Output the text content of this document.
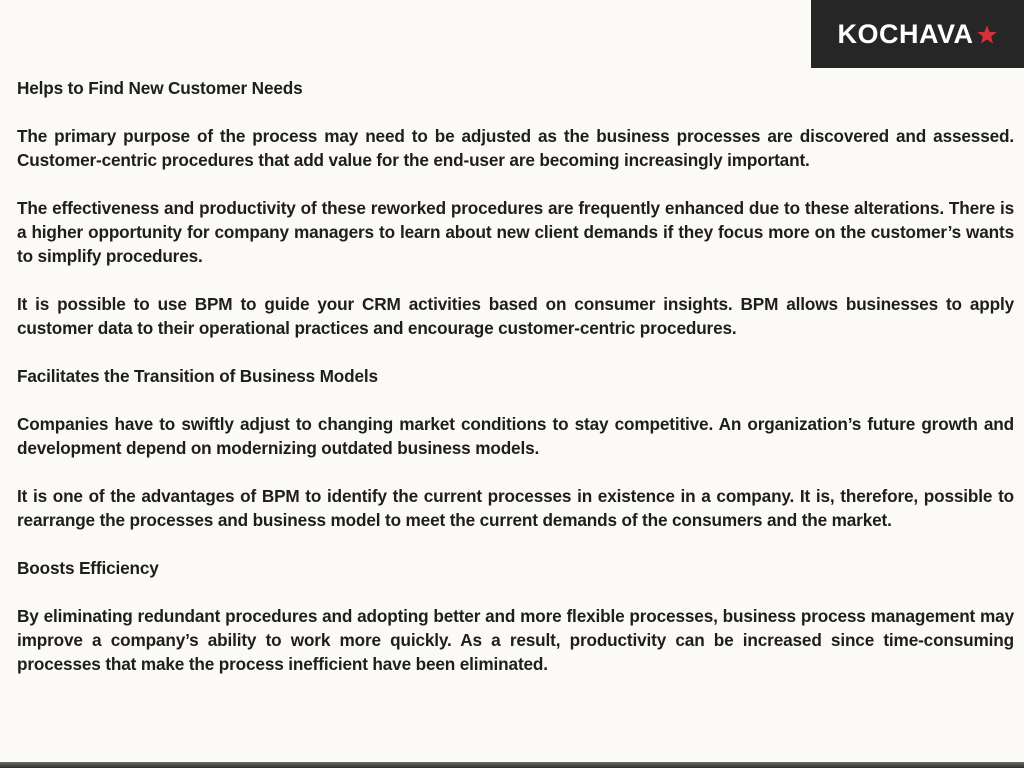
KOCHAVA

Helps to Find New Customer Needs

The primary purpose of the process may need to be adjusted as the business processes are discovered and assessed. Customer-centric procedures that add value for the end-user are becoming increasingly important.

The effectiveness and productivity of these reworked procedures are frequently enhanced due to these alterations. There is a higher opportunity for company managers to learn about new client demands if they focus more on the customer’s wants to simplify procedures.

It is possible to use BPM to guide your CRM activities based on consumer insights. BPM allows businesses to apply customer data to their operational practices and encourage customer-centric procedures.

Facilitates the Transition of Business Models

Companies have to swiftly adjust to changing market conditions to stay competitive. An organization’s future growth and development depend on modernizing outdated business models.

It is one of the advantages of BPM to identify the current processes in existence in a company. It is, therefore, possible to rearrange the processes and business model to meet the current demands of the consumers and the market.

Boosts Efficiency

By eliminating redundant procedures and adopting better and more flexible processes, business process management may improve a company’s ability to work more quickly. As a result, productivity can be increased since time-consuming processes that make the process inefficient have been eliminated.
